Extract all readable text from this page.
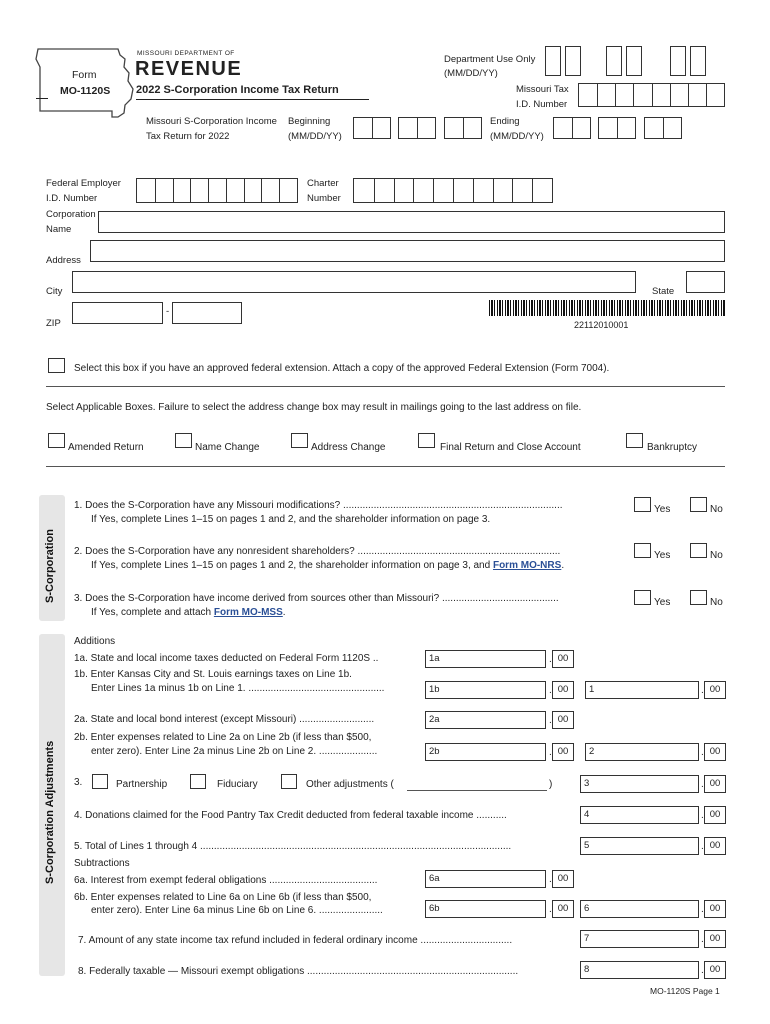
Form
MO-1120S
MISSOURI DEPARTMENT OF
REVENUE
2022 S-Corporation Income Tax Return
Department Use Only
(MM/DD/YY)
Missouri Tax
I.D. Number
Missouri S-Corporation Income
Tax Return for 2022
Beginning
(MM/DD/YY)
Ending
(MM/DD/YY)
Federal Employer
I.D. Number
Charter
Number
Corporation
Name
Address
City	State
ZIP
-
22112010001
Select this box if you have an approved federal extension. Attach a copy of the approved Federal Extension (Form 7004).
Select Applicable Boxes. Failure to select the address change box may result in mailings going to the last address on file.
Amended Return	Name Change	Address Change	Final Return and Close Account	Bankruptcy
S-Corporation
1. Does the S-Corporation have any Missouri modifications? ...............................................................................
If Yes, complete Lines 1–15 on pages 1 and 2, and the shareholder information on page 3.
Yes	No
2. Does the S-Corporation have any nonresident shareholders? .........................................................................
If Yes, complete Lines 1–15 on pages 1 and 2, the shareholder information on page 3, and Form MO-NRS.
Yes	No
3. Does the S-Corporation have income derived from sources other than Missouri? ..........................................
If Yes, complete and attach Form MO-MSS.
Yes	No
S-Corporation Adjustments
Additions
1a. State and local income taxes deducted on Federal Form 1120S ..	1a	. 00
1b. Enter Kansas City and St. Louis earnings taxes on Line 1b.
Enter Lines 1a minus 1b on Line 1. .................................................	1b	. 00	1	. 00
2a. State and local bond interest (except Missouri) ...........................	2a	. 00
2b. Enter expenses related to Line 2a on Line 2b (if less than $500,
enter zero). Enter Line 2a minus Line 2b on Line 2. .....................	2b	. 00	2	. 00
3.	Partnership	Fiduciary	Other adjustments (	)	3	. 00
4. Donations claimed for the Food Pantry Tax Credit deducted from federal taxable income ...........	4	. 00
5. Total of Lines 1 through 4 ................................................................................................................	5	. 00
Subtractions
6a. Interest from exempt federal obligations .......................................	6a	. 00
6b. Enter expenses related to Line 6a on Line 6b (if less than $500,
enter zero). Enter Line 6a minus Line 6b on Line 6. .......................	6b	. 00	6	. 00
7. Amount of any state income tax refund included in federal ordinary income .................................	7	. 00
8. Federally taxable — Missouri exempt obligations ............................................................................	8	. 00
MO-1120S Page 1
